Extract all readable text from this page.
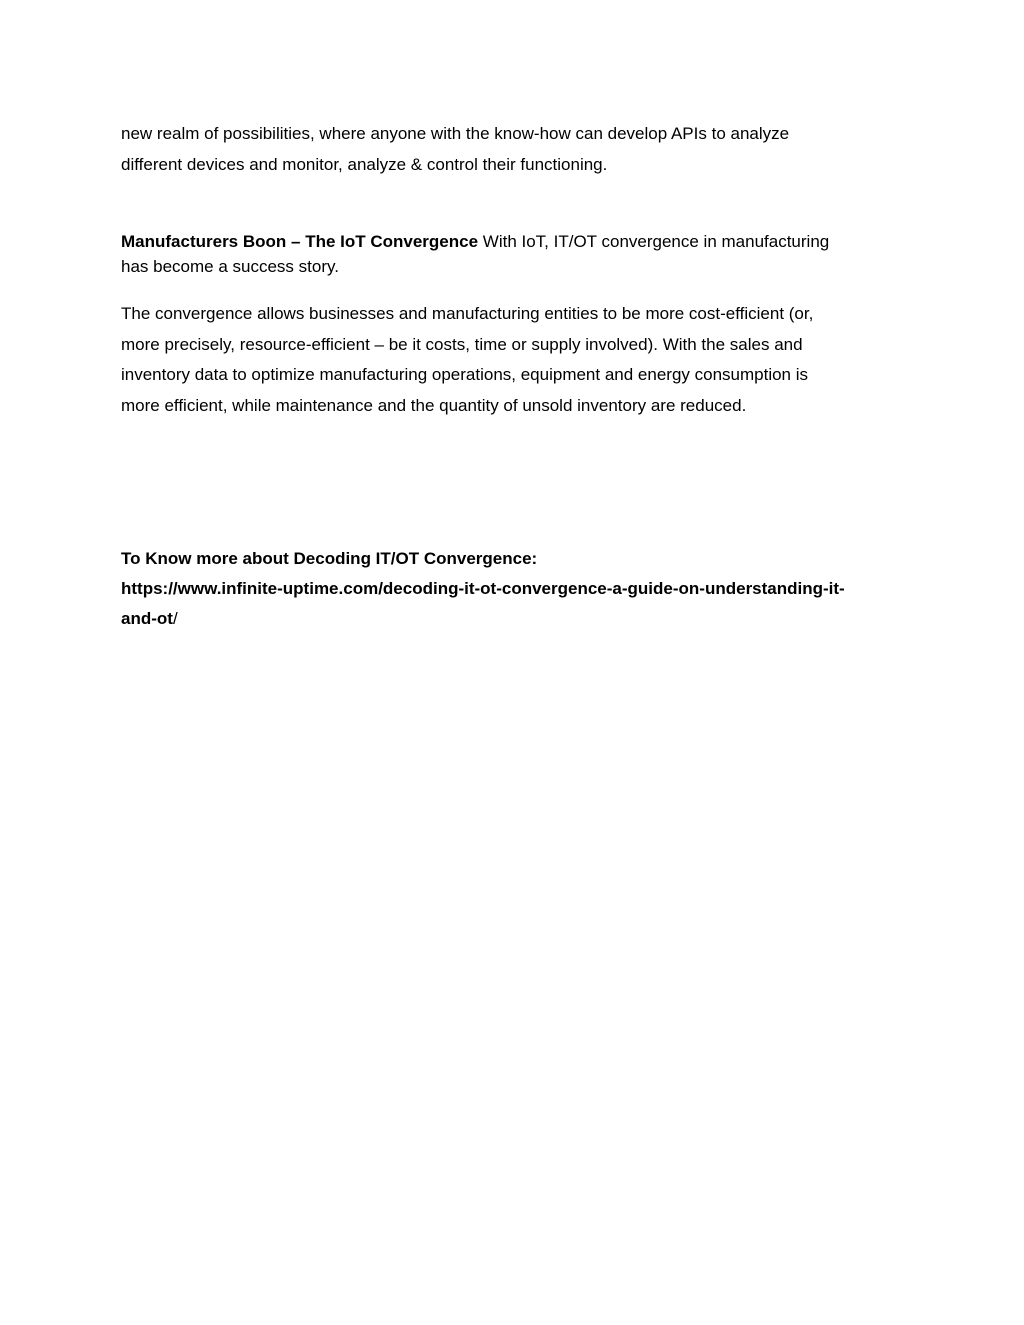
new realm of possibilities, where anyone with the know-how can develop APIs to analyze
different devices and monitor, analyze & control their functioning.

Manufacturers Boon – The IoT Convergence With IoT, IT/OT convergence in manufacturing
has become a success story.

The convergence allows businesses and manufacturing entities to be more cost-efficient (or,
more precisely, resource-efficient – be it costs, time or supply involved). With the sales and
inventory data to optimize manufacturing operations, equipment and energy consumption is
more efficient, while maintenance and the quantity of unsold inventory are reduced.

To Know more about Decoding IT/OT Convergence:
https://www.infinite-uptime.com/decoding-it-ot-convergence-a-guide-on-understanding-it-
and-ot/
